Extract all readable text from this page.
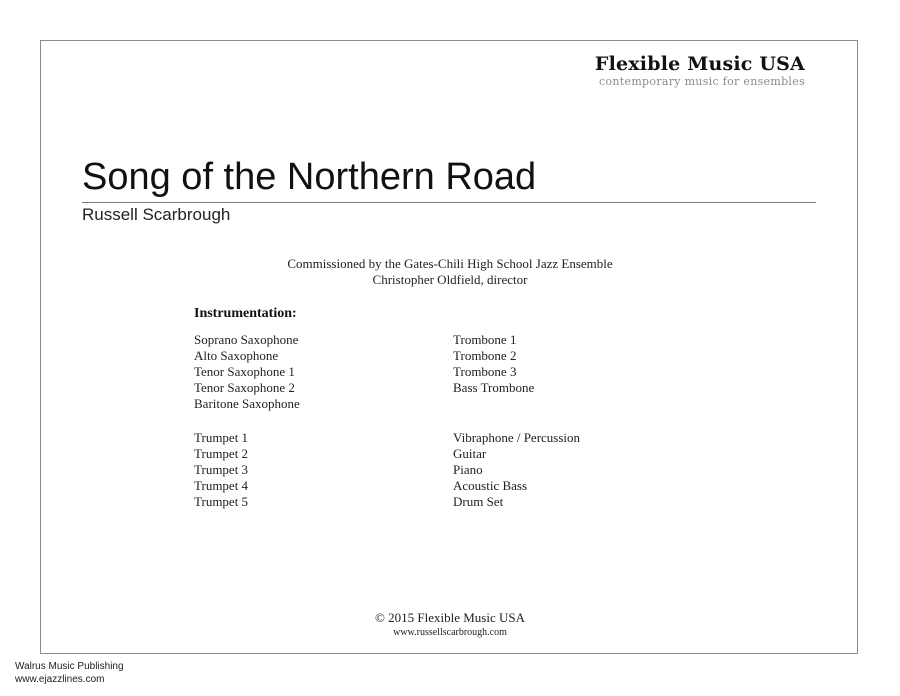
Flexible Music USA
contemporary music for ensembles
Song of the Northern Road
Russell Scarbrough
Commissioned by the Gates-Chili High School Jazz Ensemble
Christopher Oldfield, director
Instrumentation:
Soprano Saxophone
Alto Saxophone
Tenor Saxophone 1
Tenor Saxophone 2
Baritone Saxophone
Trombone 1
Trombone 2
Trombone 3
Bass Trombone
Trumpet 1
Trumpet 2
Trumpet 3
Trumpet 4
Trumpet 5
Vibraphone / Percussion
Guitar
Piano
Acoustic Bass
Drum Set
© 2015 Flexible Music USA
www.russellscarbrough.com
Walrus Music Publishing
www.ejazzlines.com
